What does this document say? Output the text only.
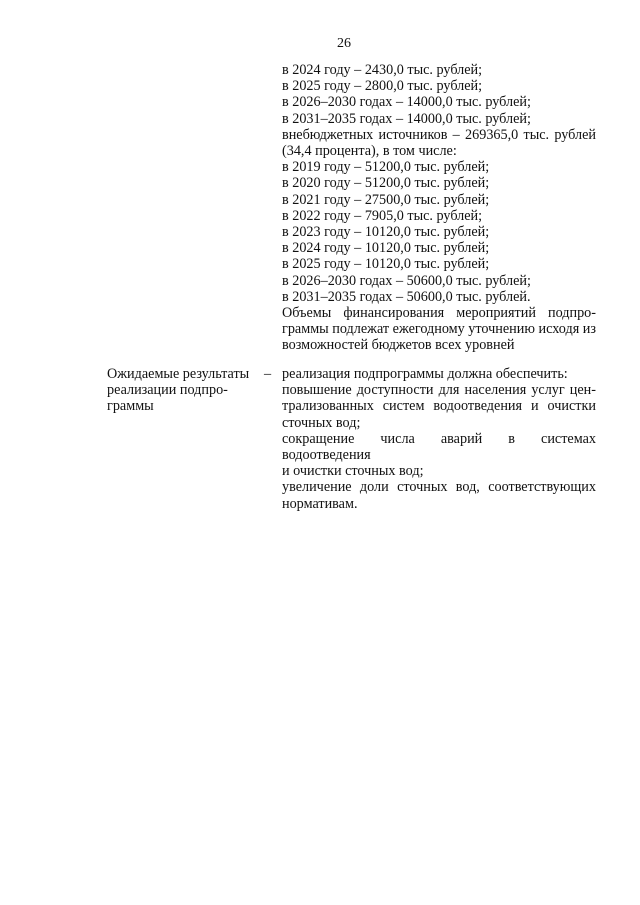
26
в 2024 году – 2430,0 тыс. рублей;
в 2025 году – 2800,0 тыс. рублей;
в 2026–2030 годах – 14000,0 тыс. рублей;
в 2031–2035 годах – 14000,0 тыс. рублей;
внебюджетных источников – 269365,0 тыс. рублей
(34,4 процента), в том числе:
в 2019 году – 51200,0 тыс. рублей;
в 2020 году – 51200,0 тыс. рублей;
в 2021 году – 27500,0 тыс. рублей;
в 2022 году – 7905,0 тыс. рублей;
в 2023 году – 10120,0 тыс. рублей;
в 2024 году – 10120,0 тыс. рублей;
в 2025 году – 10120,0 тыс. рублей;
в 2026–2030 годах – 50600,0 тыс. рублей;
в 2031–2035 годах – 50600,0 тыс. рублей.
Объемы финансирования мероприятий подпро-
граммы подлежат ежегодному уточнению исходя из
возможностей бюджетов всех уровней
Ожидаемые результаты
реализации подпро-
граммы
– реализация подпрограммы должна обеспечить:
повышение доступности для населения услуг цен-
трализованных систем водоотведения и очистки
сточных вод;
сокращение числа аварий в системах водоотведения
и очистки сточных вод;
увеличение доли сточных вод, соответствующих
нормативам.
